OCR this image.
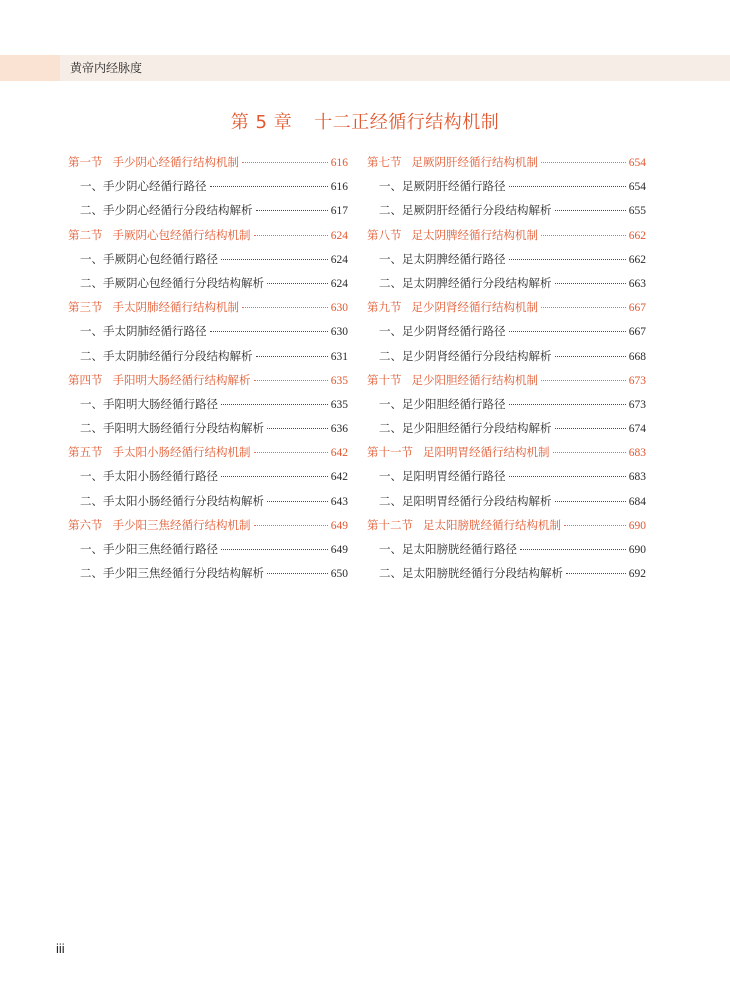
黄帝内经脉度
第 5 章 十二正经循行结构机制
第一节 手少阴心经循行结构机制	616
一、手少阴心经循行路径	616
二、手少阴心经循行分段结构解析	617
第二节 手厥阴心包经循行结构机制	624
一、手厥阴心包经循行路径	624
二、手厥阴心包经循行分段结构解析	624
第三节 手太阴肺经循行结构机制	630
一、手太阴肺经循行路径	630
二、手太阴肺经循行分段结构解析	631
第四节 手阳明大肠经循行结构解析	635
一、手阳明大肠经循行路径	635
二、手阳明大肠经循行分段结构解析	636
第五节 手太阳小肠经循行结构机制	642
一、手太阳小肠经循行路径	642
二、手太阳小肠经循行分段结构解析	643
第六节 手少阳三焦经循行结构机制	649
一、手少阳三焦经循行路径	649
二、手少阳三焦经循行分段结构解析	650
第七节 足厥阴肝经循行结构机制	654
一、足厥阴肝经循行路径	654
二、足厥阴肝经循行分段结构解析	655
第八节 足太阴脾经循行结构机制	662
一、足太阴脾经循行路径	662
二、足太阴脾经循行分段结构解析	663
第九节 足少阴肾经循行结构机制	667
一、足少阴肾经循行路径	667
二、足少阴肾经循行分段结构解析	668
第十节 足少阳胆经循行结构机制	673
一、足少阳胆经循行路径	673
二、足少阳胆经循行分段结构解析	674
第十一节 足阳明胃经循行结构机制	683
一、足阳明胃经循行路径	683
二、足阳明胃经循行分段结构解析	684
第十二节 足太阳膀胱经循行结构机制	690
一、足太阳膀胱经循行路径	690
二、足太阳膀胱经循行分段结构解析	692
iii
